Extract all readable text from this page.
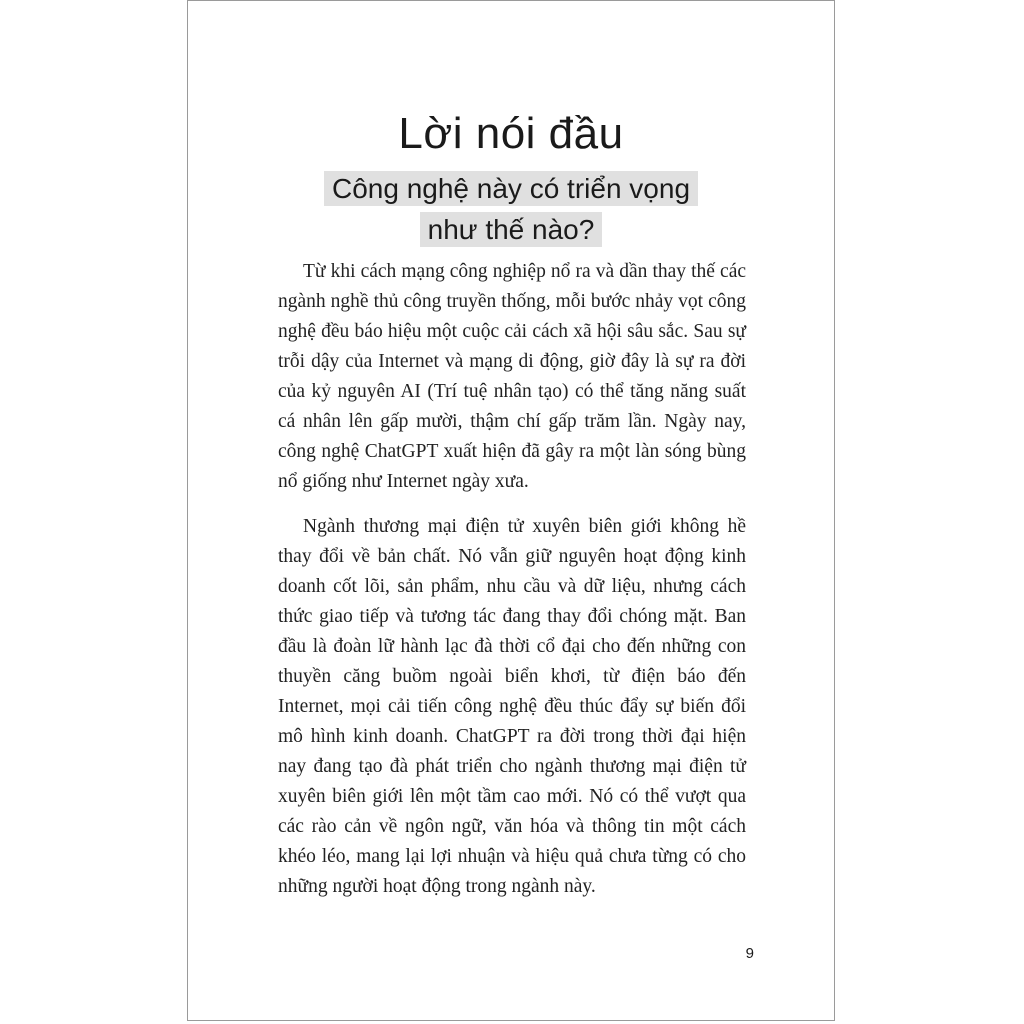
Lời nói đầu
Công nghệ này có triển vọng
như thế nào?

Từ khi cách mạng công nghiệp nổ ra và dần thay thế các ngành nghề thủ công truyền thống, mỗi bước nhảy vọt công nghệ đều báo hiệu một cuộc cải cách xã hội sâu sắc. Sau sự trỗi dậy của Internet và mạng di động, giờ đây là sự ra đời của kỷ nguyên AI (Trí tuệ nhân tạo) có thể tăng năng suất cá nhân lên gấp mười, thậm chí gấp trăm lần. Ngày nay, công nghệ ChatGPT xuất hiện đã gây ra một làn sóng bùng nổ giống như Internet ngày xưa.

Ngành thương mại điện tử xuyên biên giới không hề thay đổi về bản chất. Nó vẫn giữ nguyên hoạt động kinh doanh cốt lõi, sản phẩm, nhu cầu và dữ liệu, nhưng cách thức giao tiếp và tương tác đang thay đổi chóng mặt. Ban đầu là đoàn lữ hành lạc đà thời cổ đại cho đến những con thuyền căng buồm ngoài biển khơi, từ điện báo đến Internet, mọi cải tiến công nghệ đều thúc đẩy sự biến đổi mô hình kinh doanh. ChatGPT ra đời trong thời đại hiện nay đang tạo đà phát triển cho ngành thương mại điện tử xuyên biên giới lên một tầm cao mới. Nó có thể vượt qua các rào cản về ngôn ngữ, văn hóa và thông tin một cách khéo léo, mang lại lợi nhuận và hiệu quả chưa từng có cho những người hoạt động trong ngành này.

9
